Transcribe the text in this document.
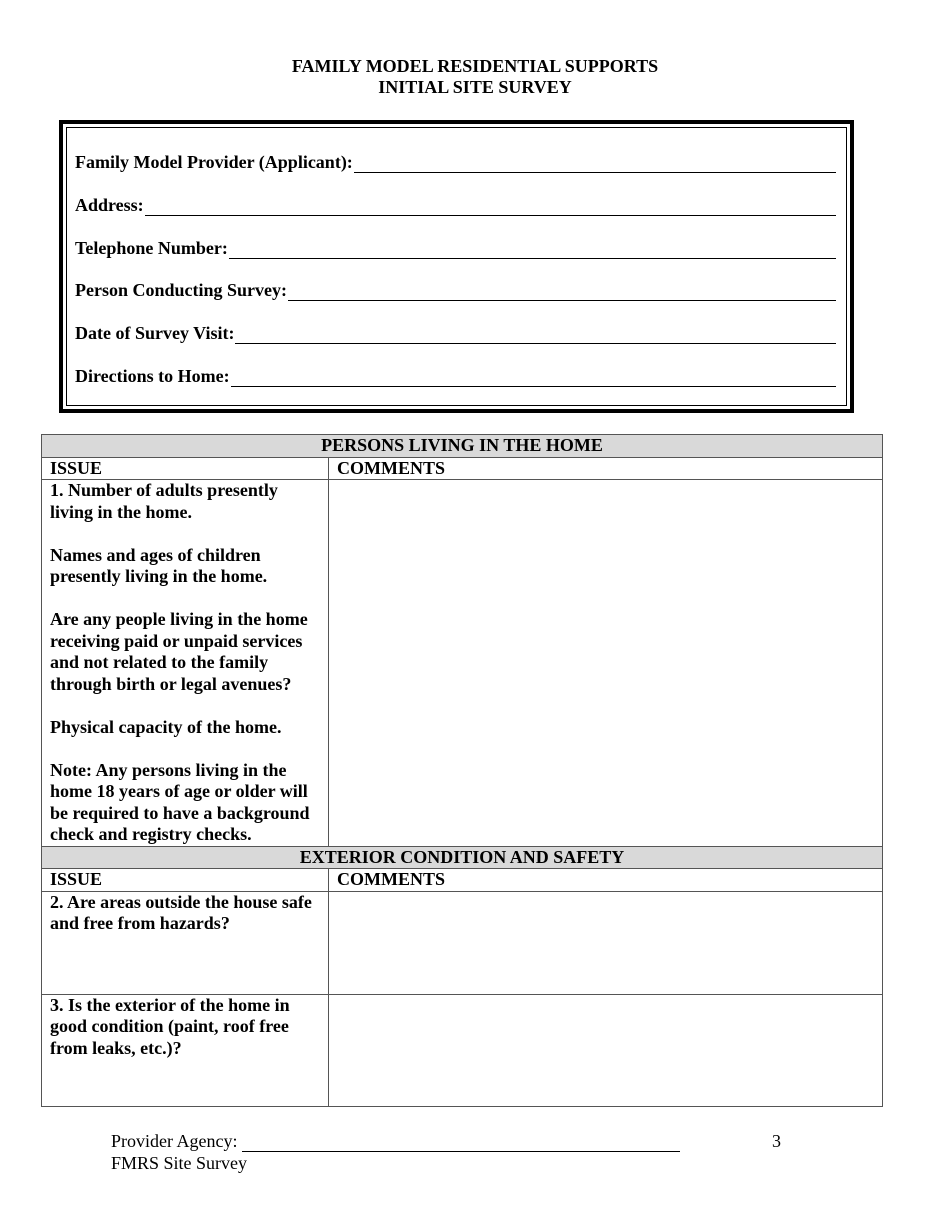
FAMILY MODEL RESIDENTIAL SUPPORTS
INITIAL SITE SURVEY
Family Model Provider (Applicant):
Address:
Telephone Number:
Person Conducting Survey:
Date of Survey Visit:
Directions to Home:
PERSONS LIVING IN THE HOME	
ISSUE	COMMENTS

1. Number of adults presently living in the home.

Names and ages of children presently living in the home.

Are any people living in the home receiving paid or unpaid services and not related to the family through birth or legal avenues?

Physical capacity of the home.

Note: Any persons living in the home 18 years of age or older will be required to have a background check and registry checks.	

EXTERIOR CONDITION AND SAFETY	
ISSUE	COMMENTS

2. Are areas outside the house safe and free from hazards?	

3. Is the exterior of the home in good condition (paint, roof free from leaks, etc.)?	

Provider Agency:
FMRS Site Survey
3
